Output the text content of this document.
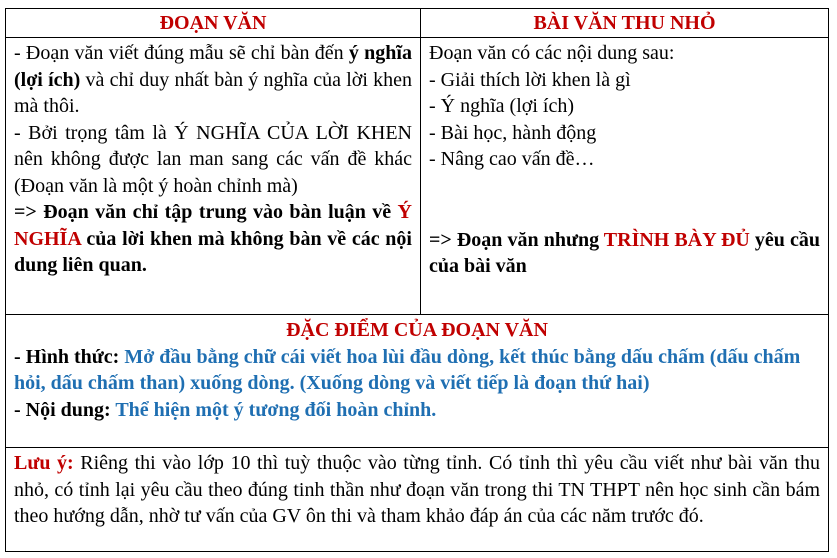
ĐOẠN VĂN	BÀI VĂN THU NHỎ

- Đoạn văn viết đúng mẫu sẽ chỉ bàn đến ý nghĩa (lợi ích) và chỉ duy nhất bàn ý nghĩa của lời khen mà thôi.

- Bởi trọng tâm là Ý NGHĨA CỦA LỜI KHEN nên không được lan man sang các vấn đề khác (Đoạn văn là một ý hoàn chỉnh mà)

=> Đoạn văn chỉ tập trung vào bàn luận về Ý NGHĨA của lời khen mà không bàn về các nội dung liên quan.

Đoạn văn có các nội dung sau:

- Giải thích lời khen là gì

- Ý nghĩa (lợi ích)

- Bài học, hành động

- Nâng cao vấn đề…

=> Đoạn văn nhưng TRÌNH BÀY ĐỦ yêu cầu của bài văn

ĐẶC ĐIỂM CỦA ĐOẠN VĂN

- Hình thức: Mở đầu bằng chữ cái viết hoa lùi đầu dòng, kết thúc bằng dấu chấm (dấu chấm hỏi, dấu chấm than) xuống dòng. (Xuống dòng và viết tiếp là đoạn thứ hai)

- Nội dung: Thể hiện một ý tương đối hoàn chỉnh.

Lưu ý: Riêng thi vào lớp 10 thì tuỳ thuộc vào từng tỉnh. Có tỉnh thì yêu cầu viết như bài văn thu nhỏ, có tỉnh lại yêu cầu theo đúng tinh thần như đoạn văn trong thi TN THPT nên học sinh cần bám theo hướng dẫn, nhờ tư vấn của GV ôn thi và tham khảo đáp án của các năm trước đó.
